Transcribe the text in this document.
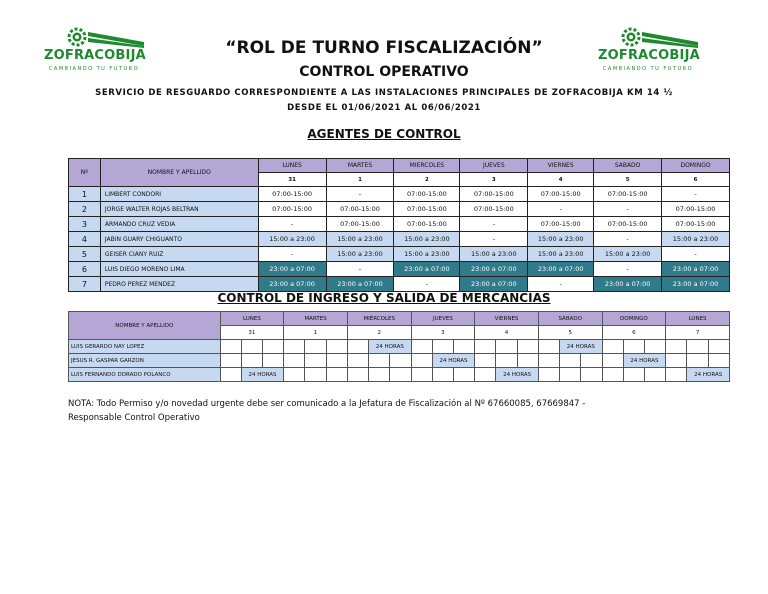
ZOFRACOBIJA
CAMBIANDO TU FUTURO
ZOFRACOBIJA
CAMBIANDO TU FUTURO
“ROL DE TURNO FISCALIZACIÓN”
CONTROL OPERATIVO
SERVICIO DE RESGUARDO CORRESPONDIENTE A LAS INSTALACIONES PRINCIPALES DE ZOFRACOBIJA KM 14 ½
DESDE EL 01/06/2021 AL 06/06/2021
AGENTES DE CONTROL
Nº	NOMBRE Y APELLIDO	LUNES	MARTES	MIERCOLES	JUEVES	VIERNES	SABADO	DOMINGO
		31	1	2	3	4	5	6
1	LIMBERT CONDORI	07:00-15:00	-	07:00-15:00	07:00-15:00	07:00-15:00	07:00-15:00	-
2	JORGE WALTER ROJAS BELTRAN	07:00-15:00	07:00-15:00	07:00-15:00	07:00-15:00	-	-	07:00-15:00
3	ARMANDO CRUZ VEDIA	-	07:00-15:00	07:00-15:00	-	07:00-15:00	07:00-15:00	07:00-15:00
4	JABIN GUARY CHIGUANTO	15:00 a 23:00	15:00 a 23:00	15:00 a 23:00	-	15:00 a 23:00	-	15:00 a 23:00
5	GEISER CIANY RUIZ	-	15:00 a 23:00	15:00 a 23:00	15:00 a 23:00	15:00 a 23:00	15:00 a 23:00	-
6	LUIS DIEGO MORENO LIMA	23:00 a 07:00	-	23:00 a 07:00	23:00 a 07:00	23:00 a 07:00	-	23:00 a 07:00
7	PEDRO PEREZ MENDEZ	23:00 a 07:00	23:00 a 07:00	-	23:00 a 07:00	-	23:00 a 07:00	23:00 a 07:00
CONTROL DE INGRESO Y SALIDA DE MERCANCIAS
NOMBRE Y APELLIDO	LUNES			MARTES			MIÉRCOLES			JUEVES			VIERNES			SÁBADO			DOMINGO			LUNES		
	31			1			2			3			4			5			6			7		
LUIS GERARDO NAY LOPEZ								24 HORAS									24 HORAS							
JESUS R. GASPAR GARZON											24 HORAS									24 HORAS				
LUIS FERNANDO DORADO POLANCO		24 HORAS												24 HORAS									24 HORAS	
NOTA: Todo Permiso y/o novedad urgente debe ser comunicado a la Jefatura de Fiscalización al Nº 67660085, 67669847 -
Responsable Control Operativo
